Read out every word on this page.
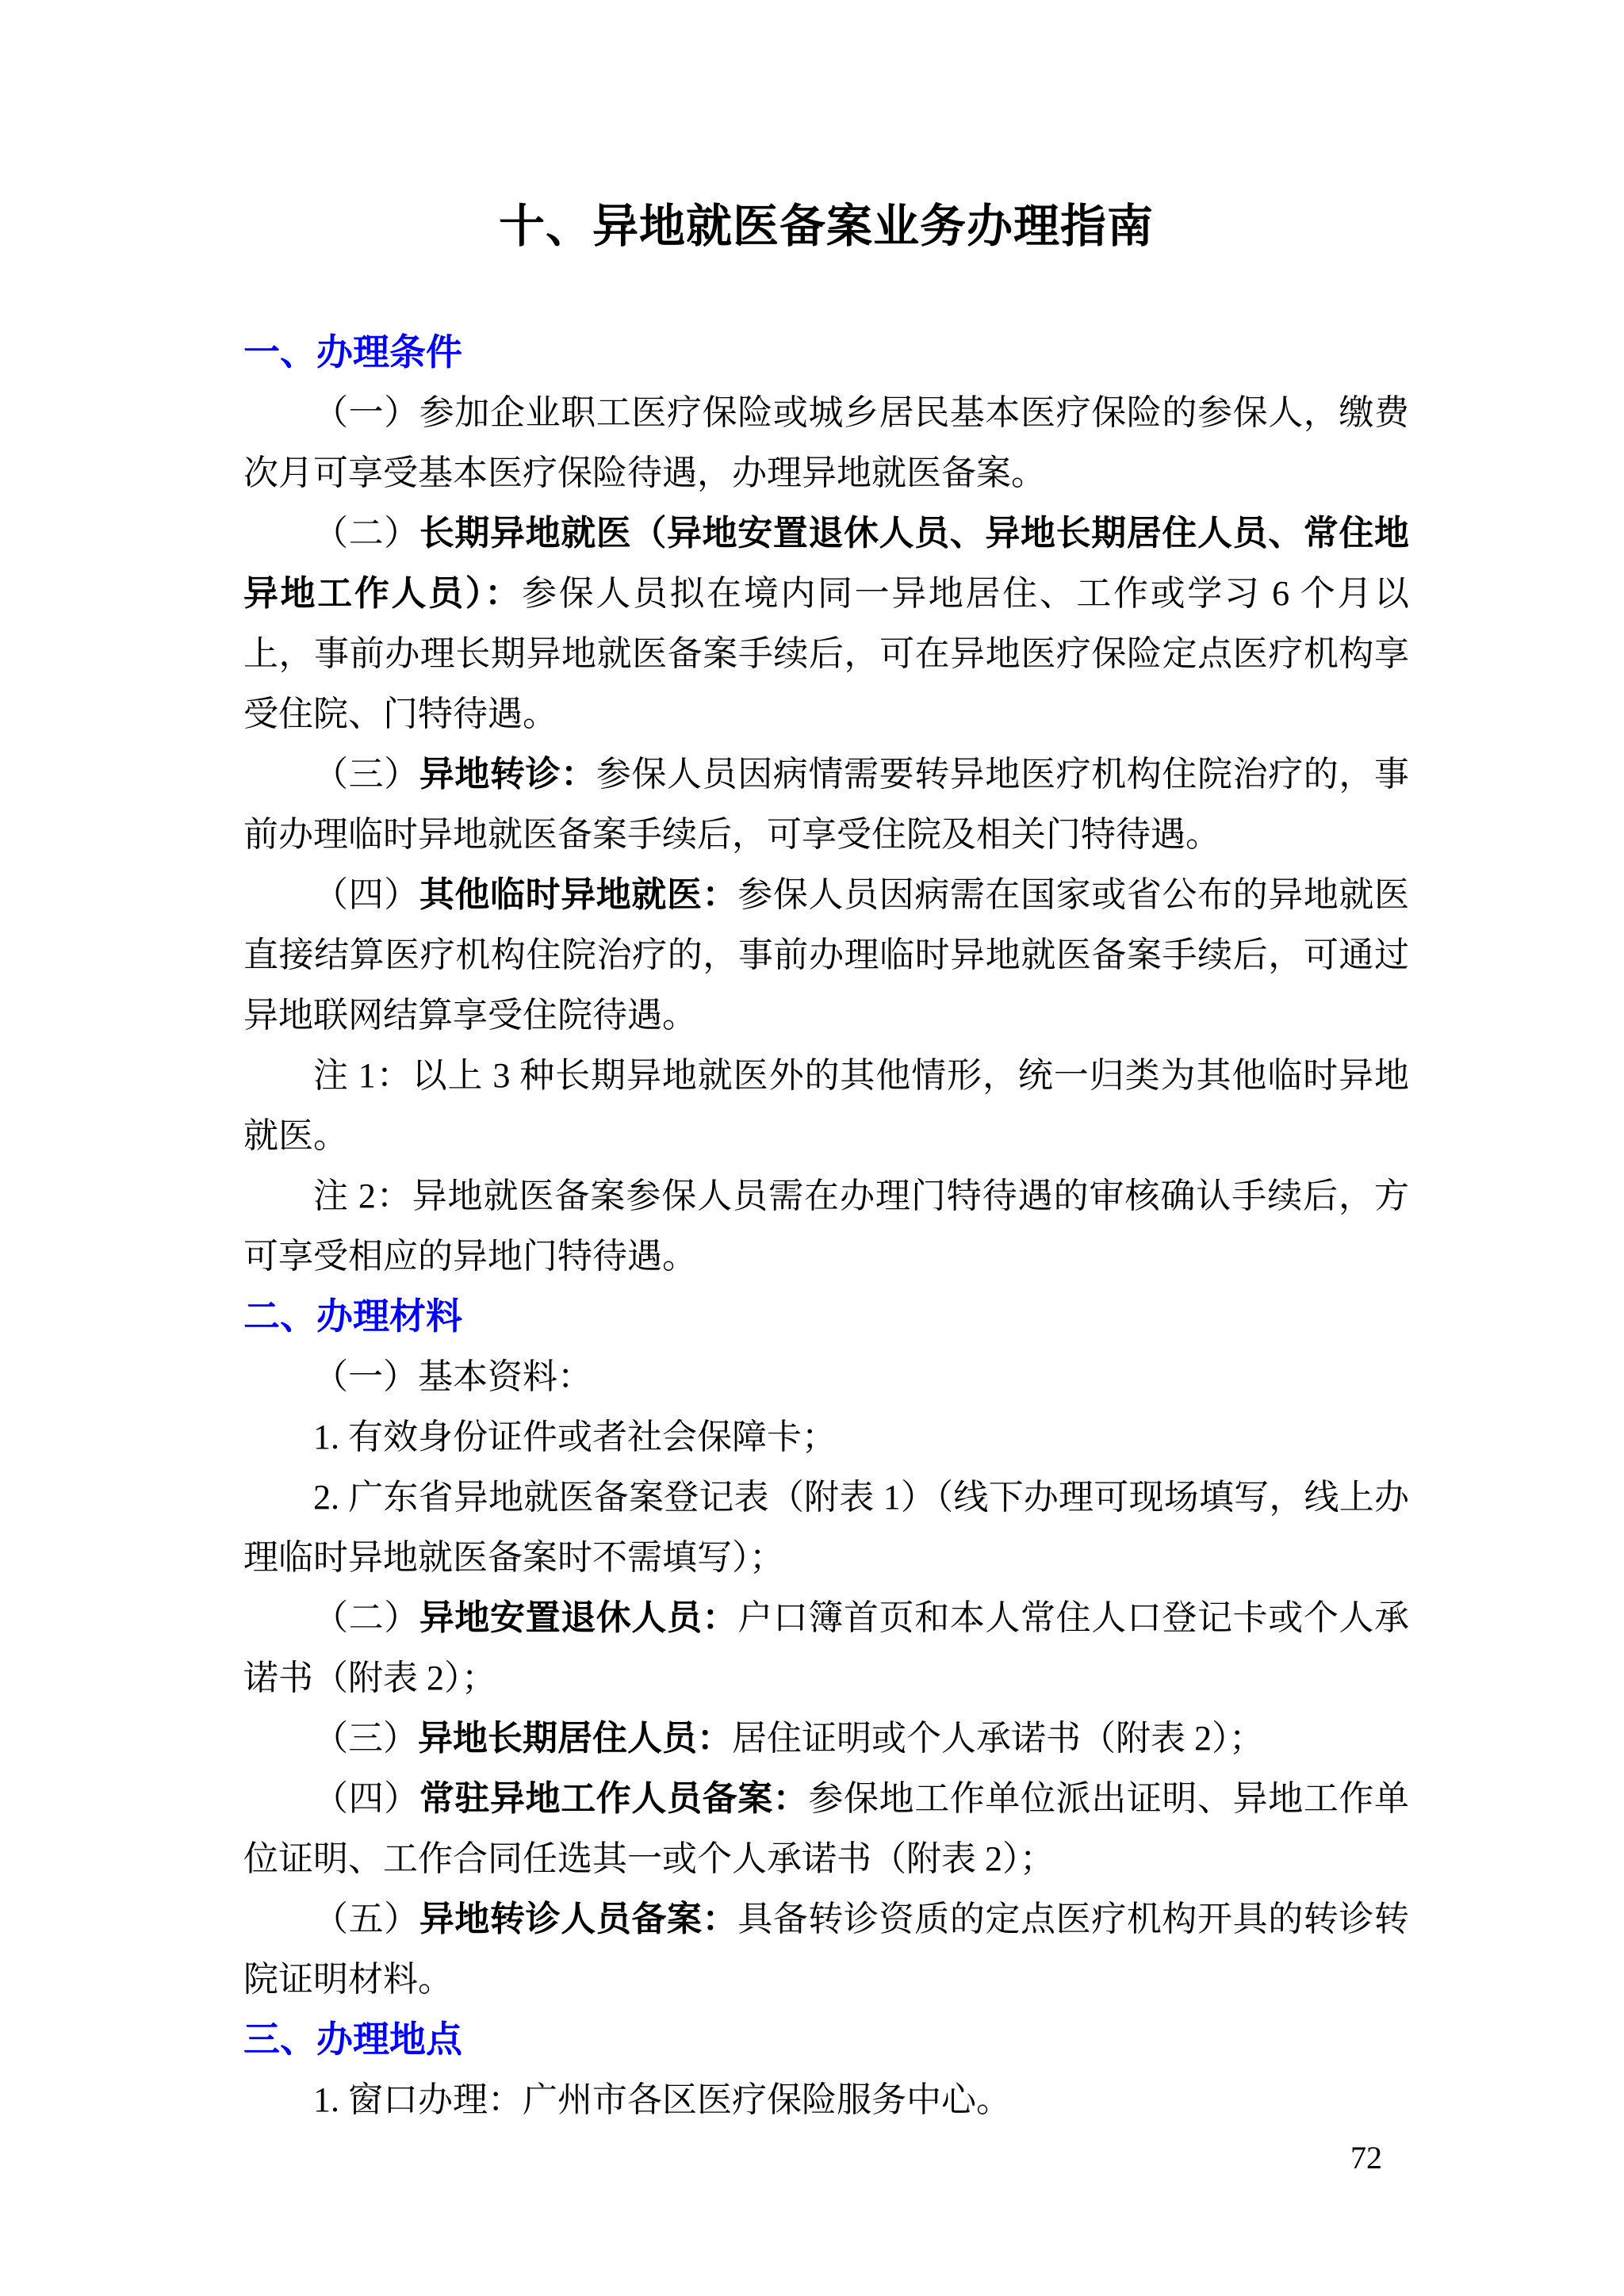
十、异地就医备案业务办理指南
一、办理条件

（一）参加企业职工医疗保险或城乡居民基本医疗保险的参保人，缴费次月可享受基本医疗保险待遇，办理异地就医备案。

（二）长期异地就医（异地安置退休人员、异地长期居住人员、常住地异地工作人员）：参保人员拟在境内同一异地居住、工作或学习 6 个月以上，事前办理长期异地就医备案手续后，可在异地医疗保险定点医疗机构享受住院、门特待遇。

（三）异地转诊：参保人员因病情需要转异地医疗机构住院治疗的，事前办理临时异地就医备案手续后，可享受住院及相关门特待遇。

（四）其他临时异地就医：参保人员因病需在国家或省公布的异地就医直接结算医疗机构住院治疗的，事前办理临时异地就医备案手续后，可通过异地联网结算享受住院待遇。

注 1：以上 3 种长期异地就医外的其他情形，统一归类为其他临时异地就医。

注 2：异地就医备案参保人员需在办理门特待遇的审核确认手续后，方可享受相应的异地门特待遇。

二、办理材料

（一）基本资料：

1. 有效身份证件或者社会保障卡；

2. 广东省异地就医备案登记表（附表 1）（线下办理可现场填写，线上办理临时异地就医备案时不需填写）；

（二）异地安置退休人员：户口簿首页和本人常住人口登记卡或个人承诺书（附表 2）；

（三）异地长期居住人员：居住证明或个人承诺书（附表 2）；

（四）常驻异地工作人员备案：参保地工作单位派出证明、异地工作单位证明、工作合同任选其一或个人承诺书（附表 2）；

（五）异地转诊人员备案：具备转诊资质的定点医疗机构开具的转诊转院证明材料。

三、办理地点

1. 窗口办理：广州市各区医疗保险服务中心。

72
